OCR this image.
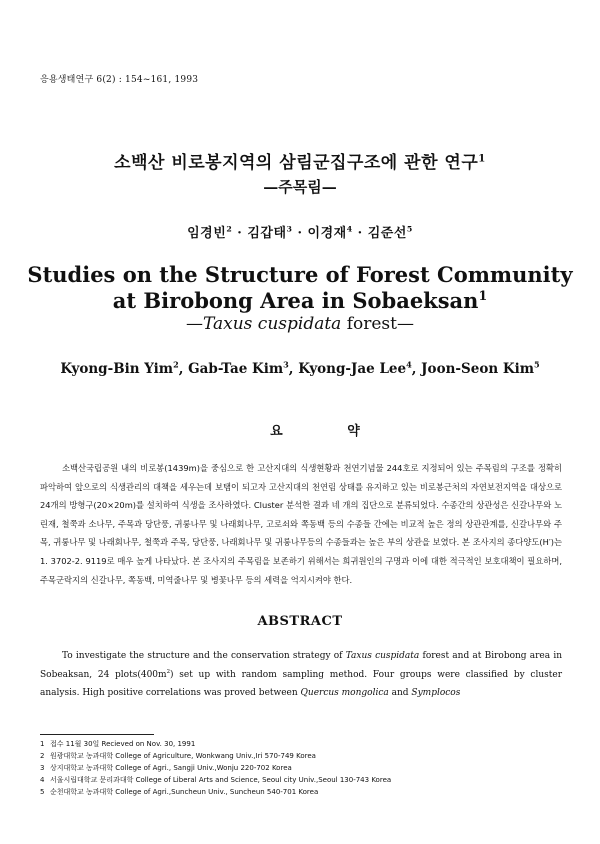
응용생태연구 6(2) : 154~161, 1993
소백산 비로봉지역의 삼림군집구조에 관한 연구$^1$
—주목림—
임경빈$^2$ · 김갑태$^3$ · 이경재$^4$ · 김준선$^5$
Studies on the Structure of Forest Community
at Birobong Area in Sobaeksan$^1$
—Taxus cuspidata forest—
Kyong-Bin Yim$^2$, Gab-Tae Kim$^3$, Kyong-Jae Lee$^4$, Joon-Seon Kim$^5$
요 약

소백산국립공원 내의 비로봉(1439m)을 중심으로 한 고산지대의 식생현황과 천연기념물 244호로 지정되어 있는 주목림의 구조를 정확히 파악하여 앞으로의 식생관리의 대책을 세우는데 보탬이 되고자 고산지대의 천연림 상태를 유지하고 있는 비로봉근처의 자연보전지역을 대상으로 24개의 방형구(20×20m)를 설치하여 식생을 조사하였다. Cluster 분석한 결과 네 개의 집단으로 분류되었다. 수종간의 상관성은 신갈나무와 노린재, 철쭉과 소나무, 주목과 당단풍, 귀룽나무 및 나래회나무, 고로쇠와 쪽동백 등의 수종들 간에는 비교적 높은 정의 상관관계를, 신갈나무와 주목, 귀룽나무 및 나래회나무, 철쭉과 주목, 당단풍, 나래회나무 및 귀룽나무등의 수종들과는 높은 부의 상관을 보였다. 본 조사지의 종다양도(H′)는 1. 3702-2. 9119로 매우 높게 나타났다. 본 조사지의 주목림을 보존하기 위해서는 희귀원인의 구명과 이에 대한 적극적인 보호대책이 필요하며, 주목군락지의 신갈나무, 쪽동백, 미역줄나무 및 병꽃나무 등의 세력을 억지시켜야 한다.

ABSTRACT

To investigate the structure and the conservation strategy of Taxus cuspidata forest and at Birobong area in Sobeaksan, 24 $plots(400m^2)$ set up with random sampling method. Four groups were classified by cluster analysis. High positive correlations was proved between Quercus mongolica and Symplocos

1 접수 11월 30일 Recieved on Nov. 30, 1991
2 원광대학교 농과대학 College of Agriculture, Wonkwang Univ.,Iri 570-749 Korea
3 상지대학교 농과대학 College of Agri., Sangji Univ.,Wonju 220-702 Korea
4 서울시립대학교 문리과대학 College of Liberal Arts and Science, Seoul city Univ.,Seoul 130-743 Korea
5 순천대학교 농과대학 College of Agri.,Suncheun Univ., Suncheun 540-701 Korea
